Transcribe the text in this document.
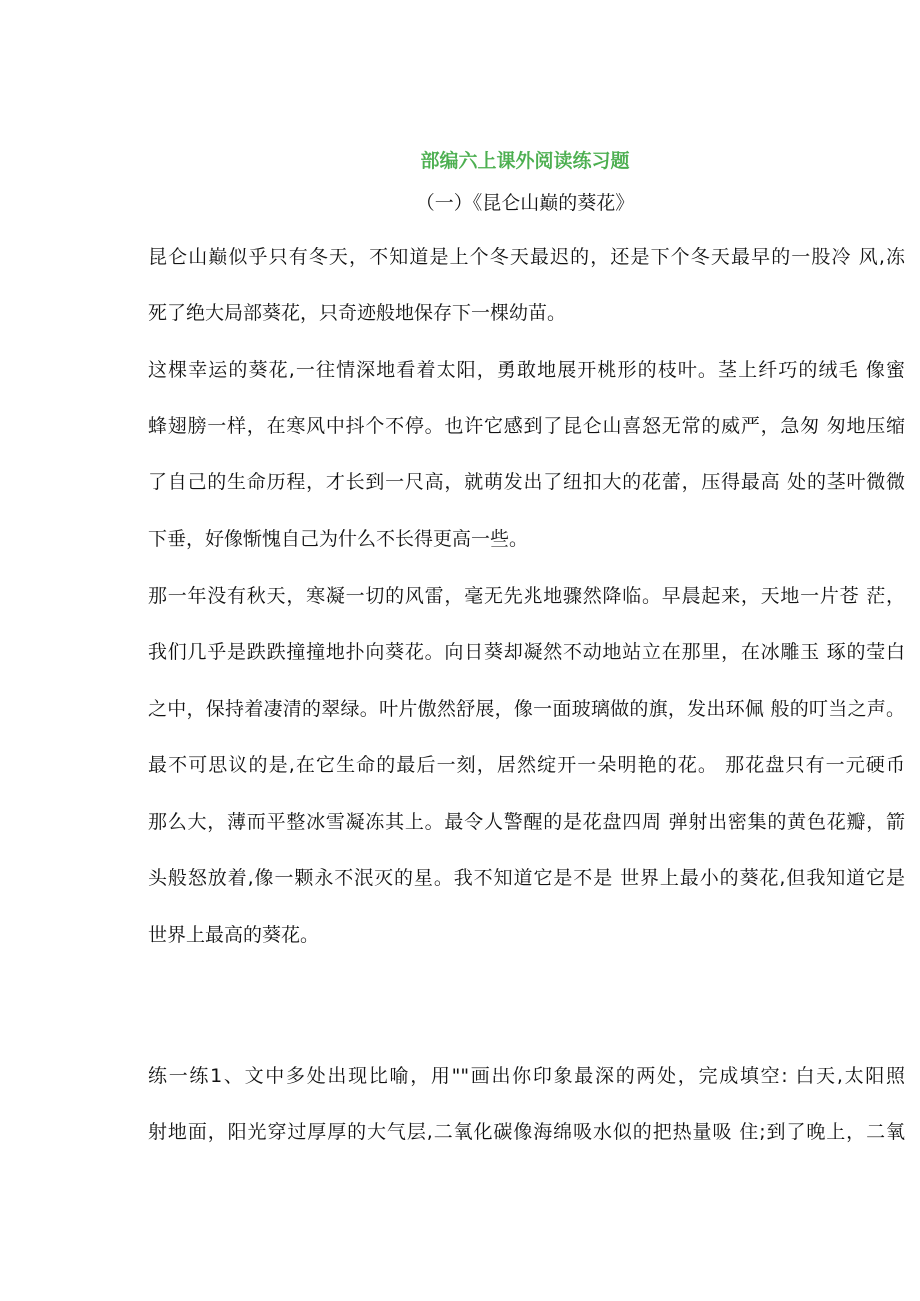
部编六上课外阅读练习题
（一）《昆仑山巅的葵花》
昆仑山巅似乎只有冬天，不知道是上个冬天最迟的，还是下个冬天最早的一股冷 风,冻
死了绝大局部葵花，只奇迹般地保存下一棵幼苗。
这棵幸运的葵花,一往情深地看着太阳，勇敢地展开桃形的枝叶。茎上纤巧的绒毛 像蜜
蜂翅膀一样，在寒风中抖个不停。也许它感到了昆仑山喜怒无常的威严，急匆 匆地压缩
了自己的生命历程，才长到一尺高，就萌发出了纽扣大的花蕾，压得最高 处的茎叶微微
下垂，好像惭愧自己为什么不长得更高一些。
那一年没有秋天，寒凝一切的风雷，毫无先兆地骤然降临。早晨起来，天地一片苍 茫，
我们几乎是跌跌撞撞地扑向葵花。向日葵却凝然不动地站立在那里，在冰雕玉 琢的莹白
之中，保持着凄清的翠绿。叶片傲然舒展，像一面玻璃做的旗，发出环佩 般的叮当之声。
最不可思议的是,在它生命的最后一刻，居然绽开一朵明艳的花。 那花盘只有一元硬币
那么大，薄而平整冰雪凝冻其上。最令人警醒的是花盘四周 弹射出密集的黄色花瓣，箭
头般怒放着,像一颗永不泯灭的星。我不知道它是不是 世界上最小的葵花,但我知道它是
世界上最高的葵花。
练一练1、文中多处出现比喻，用""画出你印象最深的两处，完成填空: 白天,太阳照
射地面，阳光穿过厚厚的大气层,二氧化碳像海绵吸水似的把热量吸 住;到了晚上，二氧
